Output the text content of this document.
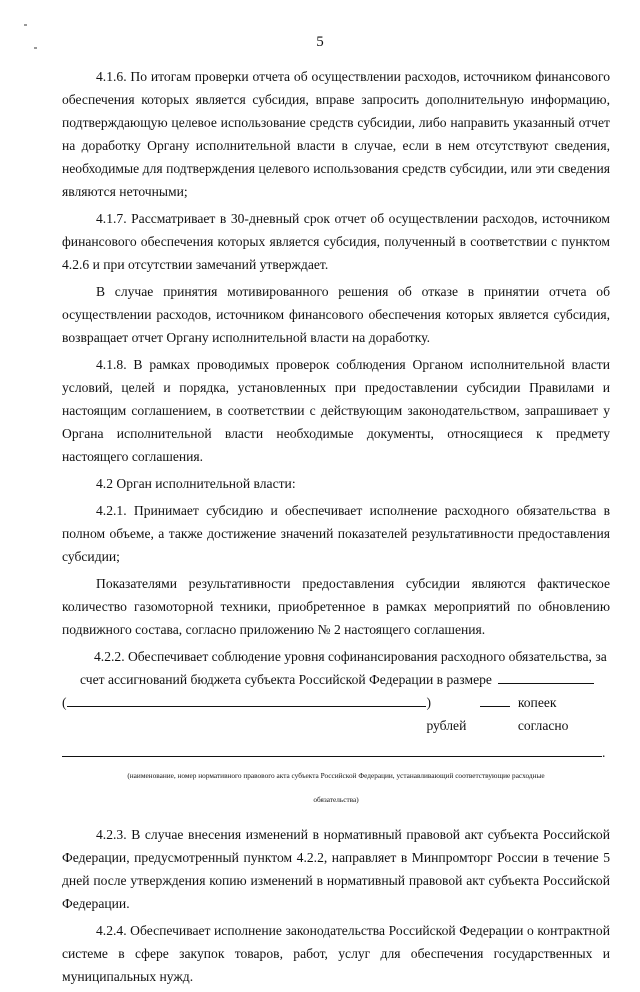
5

4.1.6. По итогам проверки отчета об осуществлении расходов, источником финансового обеспечения которых является субсидия, вправе запросить дополнительную информацию, подтверждающую целевое использование средств субсидии, либо направить указанный отчет на доработку Органу исполнительной власти в случае, если в нем отсутствуют сведения, необходимые для подтверждения целевого использования средств субсидии, или эти сведения являются неточными;

4.1.7. Рассматривает в 30-дневный срок отчет об осуществлении расходов, источником финансового обеспечения которых является субсидия, полученный в соответствии с пунктом 4.2.6 и при отсутствии замечаний утверждает.

В случае принятия мотивированного решения об отказе в принятии отчета об осуществлении расходов, источником финансового обеспечения которых является субсидия, возвращает отчет Органу исполнительной власти на доработку.

4.1.8. В рамках проводимых проверок соблюдения Органом исполнительной власти условий, целей и порядка, установленных при предоставлении субсидии Правилами и настоящим соглашением, в соответствии с действующим законодательством, запрашивает у Органа исполнительной власти необходимые документы, относящиеся к предмету настоящего соглашения.

4.2 Орган исполнительной власти:

4.2.1. Принимает субсидию и обеспечивает исполнение расходного обязательства в полном объеме, а также достижение значений показателей результативности предоставления субсидии;

Показателями результативности предоставления субсидии являются фактическое количество газомоторной техники, приобретенное в рамках мероприятий по обновлению подвижного состава, согласно приложению № 2 настоящего соглашения.

4.2.2. Обеспечивает соблюдение уровня софинансирования расходного обязательства, за
счет ассигнований бюджета субъекта Российской Федерации в размере
(	) рублей
копеек согласно
.
(наименование, номер нормативного правового акта субъекта Российской Федерации, устанавливающий соответствующие расходные
обязательства)

4.2.3. В случае внесения изменений в нормативный правовой акт субъекта Российской Федерации, предусмотренный пунктом 4.2.2, направляет в Минпромторг России в течение 5 дней после утверждения копию изменений в нормативный правовой акт субъекта Российской Федерации.

4.2.4. Обеспечивает исполнение законодательства Российской Федерации о контрактной системе в сфере закупок товаров, работ, услуг для обеспечения государственных и муниципальных нужд.
